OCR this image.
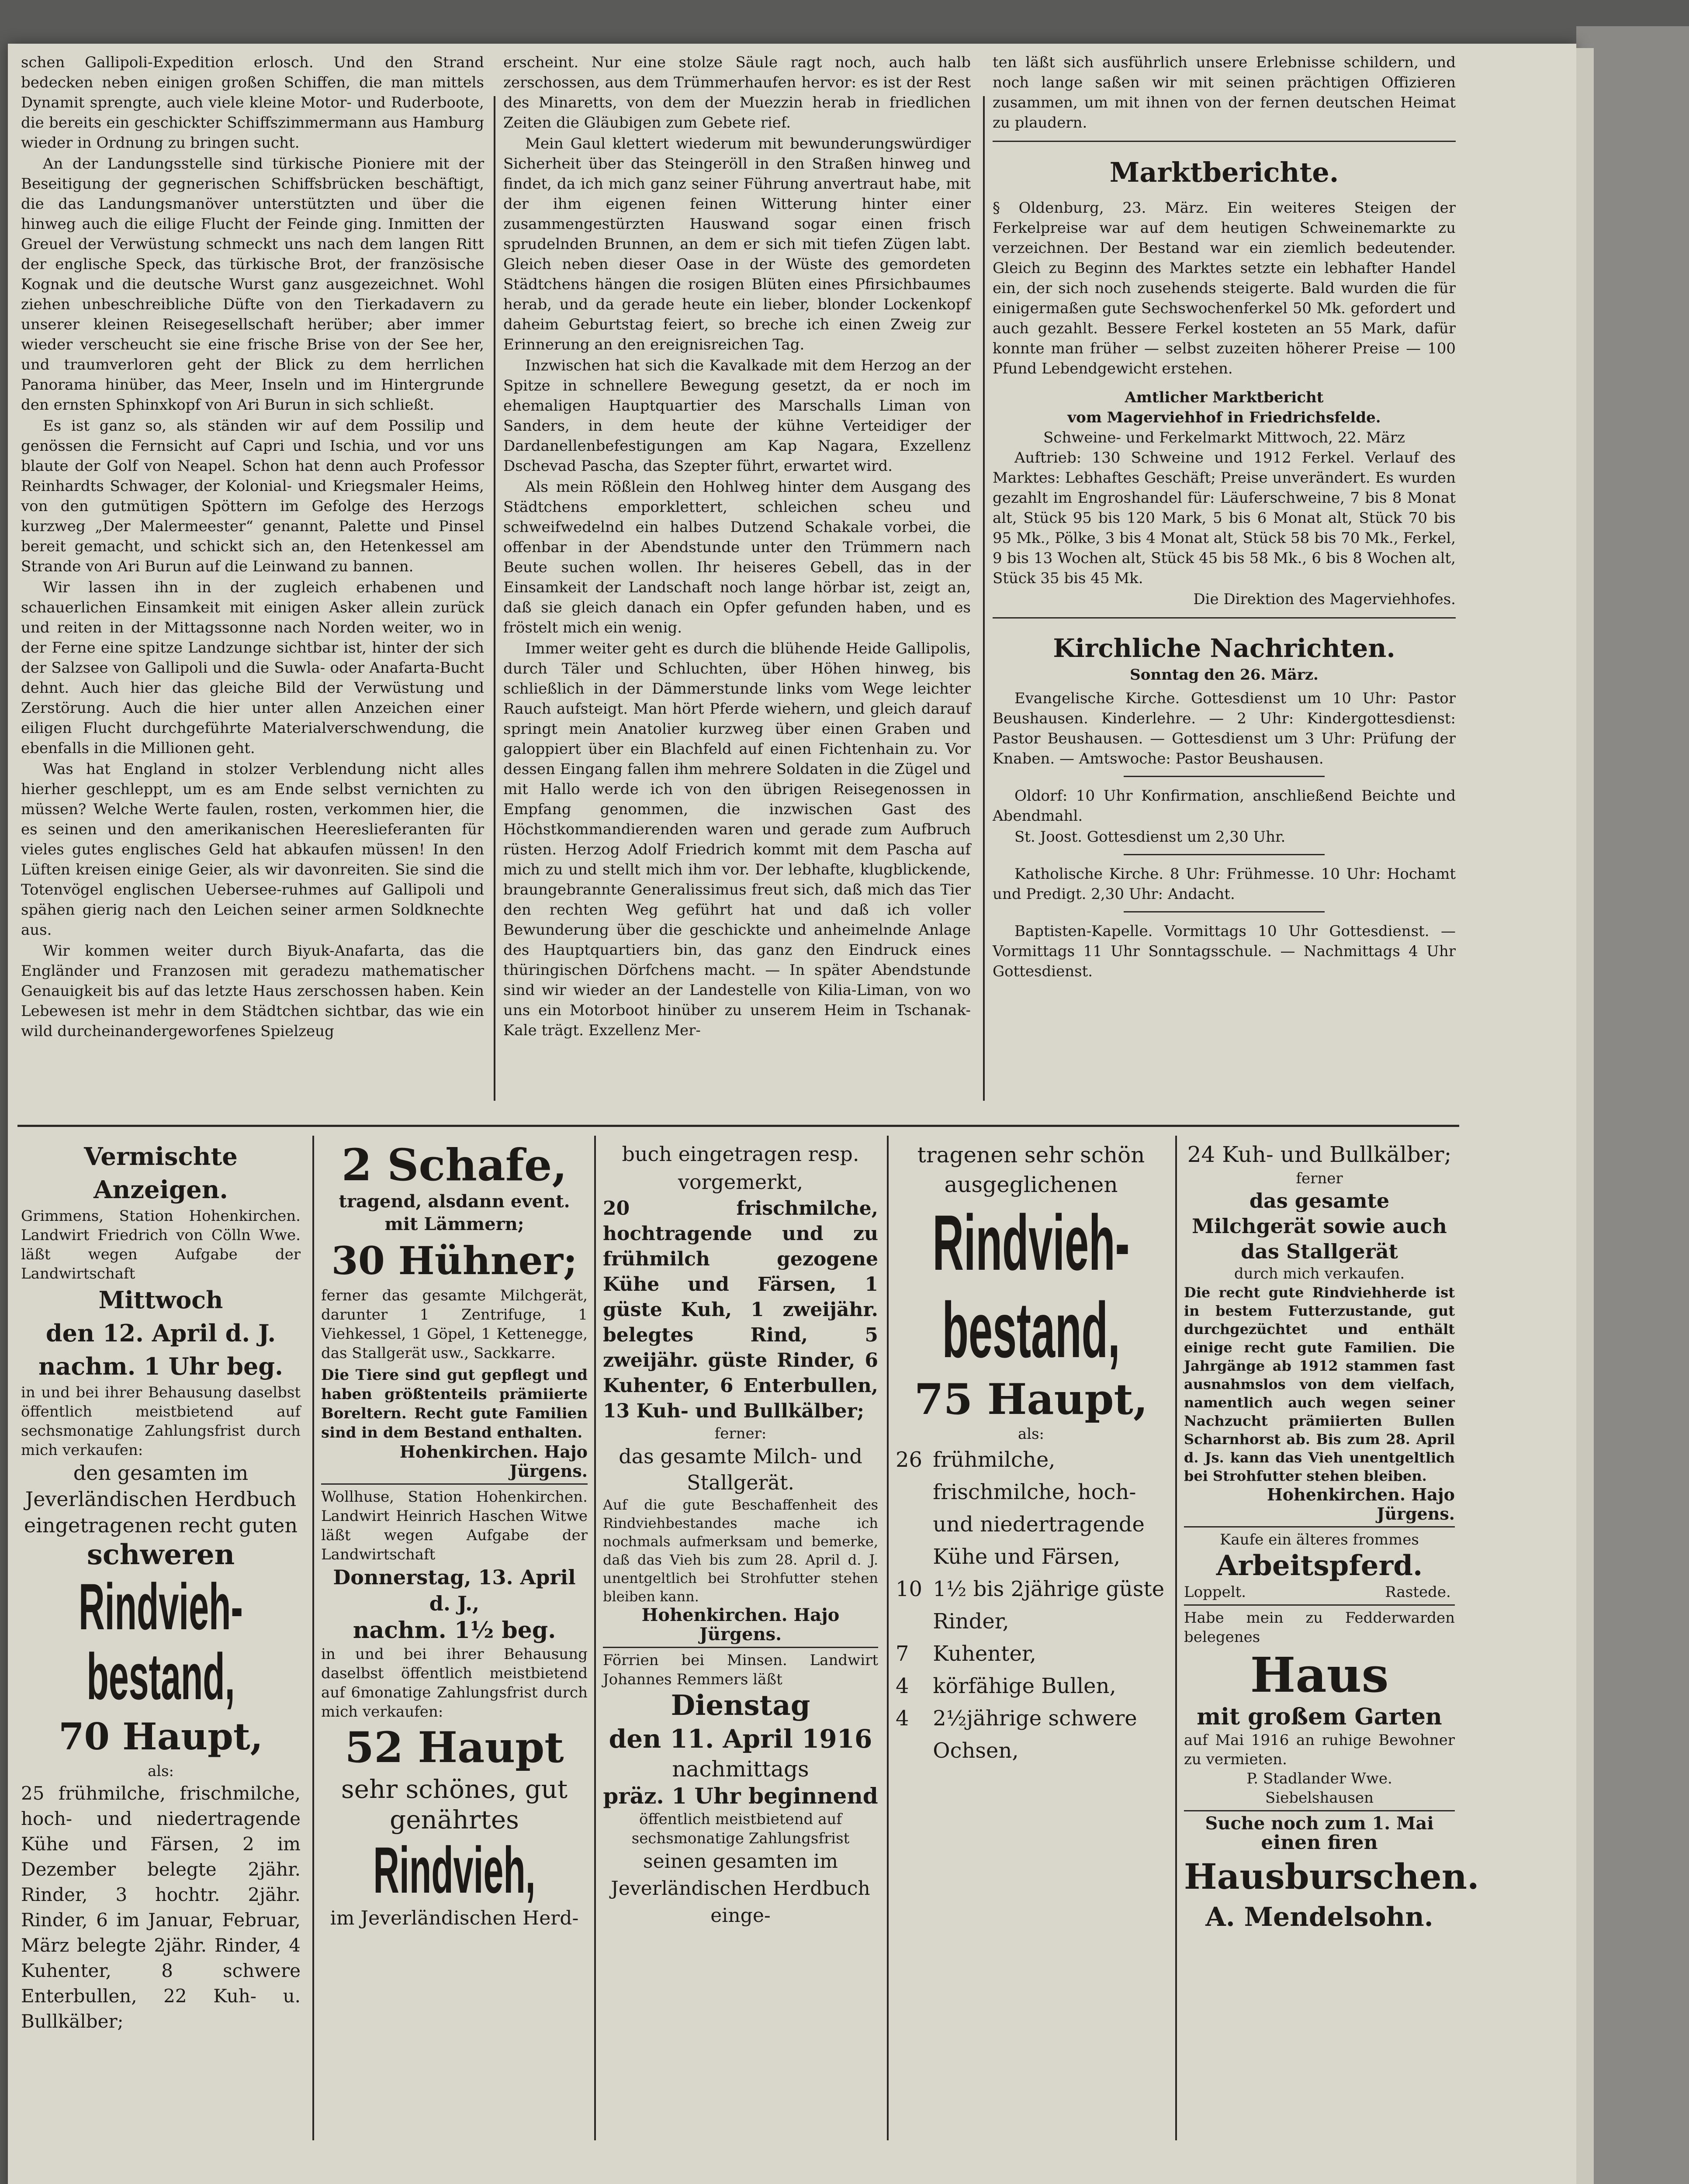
schen Gallipoli-Expedition erlosch. Und den Strand bedecken neben einigen großen Schiffen, die man mittels Dynamit sprengte, auch viele kleine Motor- und Ruderboote, die bereits ein geschickter Schiffszimmermann aus Hamburg wieder in Ordnung zu bringen sucht.

An der Landungsstelle sind türkische Pioniere mit der Beseitigung der gegnerischen Schiffsbrücken beschäftigt, die das Landungsmanöver unterstützten und über die hinweg auch die eilige Flucht der Feinde ging. Inmitten der Greuel der Verwüstung schmeckt uns nach dem langen Ritt der englische Speck, das türkische Brot, der französische Kognak und die deutsche Wurst ganz ausgezeichnet. Wohl ziehen unbeschreibliche Düfte von den Tierkadavern zu unserer kleinen Reisegesellschaft herüber; aber immer wieder verscheucht sie eine frische Brise von der See her, und traumverloren geht der Blick zu dem herrlichen Panorama hinüber, das Meer, Inseln und im Hintergrunde den ernsten Sphinxkopf von Ari Burun in sich schließt.

Es ist ganz so, als ständen wir auf dem Possilip und genössen die Fernsicht auf Capri und Ischia, und vor uns blaute der Golf von Neapel. Schon hat denn auch Professor Reinhardts Schwager, der Kolonial- und Kriegsmaler Heims, von den gutmütigen Spöttern im Gefolge des Herzogs kurzweg „Der Malermeester“ genannt, Palette und Pinsel bereit gemacht, und schickt sich an, den Hetenkessel am Strande von Ari Burun auf die Leinwand zu bannen.

Wir lassen ihn in der zugleich erhabenen und schauerlichen Einsamkeit mit einigen Asker allein zurück und reiten in der Mittagssonne nach Norden weiter, wo in der Ferne eine spitze Landzunge sichtbar ist, hinter der sich der Salzsee von Gallipoli und die Suwla- oder Anafarta-Bucht dehnt. Auch hier das gleiche Bild der Verwüstung und Zerstörung. Auch die hier unter allen Anzeichen einer eiligen Flucht durchgeführte Materialverschwendung, die ebenfalls in die Millionen geht.

Was hat England in stolzer Verblendung nicht alles hierher geschleppt, um es am Ende selbst vernichten zu müssen? Welche Werte faulen, rosten, verkommen hier, die es seinen und den amerikanischen Heereslieferanten für vieles gutes englisches Geld hat abkaufen müssen! In den Lüften kreisen einige Geier, als wir davonreiten. Sie sind die Totenvögel englischen Uebersee-ruhmes auf Gallipoli und spähen gierig nach den Leichen seiner armen Soldknechte aus.

Wir kommen weiter durch Biyuk-Anafarta, das die Engländer und Franzosen mit geradezu mathematischer Genauigkeit bis auf das letzte Haus zerschossen haben. Kein Lebewesen ist mehr in dem Städtchen sichtbar, das wie ein wild durcheinandergeworfenes Spielzeug

erscheint. Nur eine stolze Säule ragt noch, auch halb zerschossen, aus dem Trümmerhaufen hervor: es ist der Rest des Minaretts, von dem der Muezzin herab in friedlichen Zeiten die Gläubigen zum Gebete rief.

Mein Gaul klettert wiederum mit bewunderungswürdiger Sicherheit über das Steingeröll in den Straßen hinweg und findet, da ich mich ganz seiner Führung anvertraut habe, mit der ihm eigenen feinen Witterung hinter einer zusammengestürzten Hauswand sogar einen frisch sprudelnden Brunnen, an dem er sich mit tiefen Zügen labt. Gleich neben dieser Oase in der Wüste des gemordeten Städtchens hängen die rosigen Blüten eines Pfirsichbaumes herab, und da gerade heute ein lieber, blonder Lockenkopf daheim Geburtstag feiert, so breche ich einen Zweig zur Erinnerung an den ereignisreichen Tag.

Inzwischen hat sich die Kavalkade mit dem Herzog an der Spitze in schnellere Bewegung gesetzt, da er noch im ehemaligen Hauptquartier des Marschalls Liman von Sanders, in dem heute der kühne Verteidiger der Dardanellenbefestigungen am Kap Nagara, Exzellenz Dschevad Pascha, das Szepter führt, erwartet wird.

Als mein Rößlein den Hohlweg hinter dem Ausgang des Städtchens emporklettert, schleichen scheu und schweifwedelnd ein halbes Dutzend Schakale vorbei, die offenbar in der Abendstunde unter den Trümmern nach Beute suchen wollen. Ihr heiseres Gebell, das in der Einsamkeit der Landschaft noch lange hörbar ist, zeigt an, daß sie gleich danach ein Opfer gefunden haben, und es fröstelt mich ein wenig.

Immer weiter geht es durch die blühende Heide Gallipolis, durch Täler und Schluchten, über Höhen hinweg, bis schließlich in der Dämmerstunde links vom Wege leichter Rauch aufsteigt. Man hört Pferde wiehern, und gleich darauf springt mein Anatolier kurzweg über einen Graben und galoppiert über ein Blachfeld auf einen Fichtenhain zu. Vor dessen Eingang fallen ihm mehrere Soldaten in die Zügel und mit Hallo werde ich von den übrigen Reisegenossen in Empfang genommen, die inzwischen Gast des Höchstkommandierenden waren und gerade zum Aufbruch rüsten. Herzog Adolf Friedrich kommt mit dem Pascha auf mich zu und stellt mich ihm vor. Der lebhafte, klugblickende, braungebrannte Generalissimus freut sich, daß mich das Tier den rechten Weg geführt hat und daß ich voller Bewunderung über die geschickte und anheimelnde Anlage des Hauptquartiers bin, das ganz den Eindruck eines thüringischen Dörfchens macht. — In später Abendstunde sind wir wieder an der Landestelle von Kilia-Liman, von wo uns ein Motorboot hinüber zu unserem Heim in Tschanak-Kale trägt. Exzellenz Mer-

ten läßt sich ausführlich unsere Erlebnisse schildern, und noch lange saßen wir mit seinen prächtigen Offizieren zusammen, um mit ihnen von der fernen deutschen Heimat zu plaudern.

Marktberichte.

§ Oldenburg, 23. März. Ein weiteres Steigen der Ferkelpreise war auf dem heutigen Schweinemarkte zu verzeichnen. Der Bestand war ein ziemlich bedeutender. Gleich zu Beginn des Marktes setzte ein lebhafter Handel ein, der sich noch zusehends steigerte. Bald wurden die für einigermaßen gute Sechswochenferkel 50 Mk. gefordert und auch gezahlt. Bessere Ferkel kosteten an 55 Mark, dafür konnte man früher — selbst zuzeiten höherer Preise — 100 Pfund Lebendgewicht erstehen.

Amtlicher Marktbericht
vom Magerviehhof in Friedrichsfelde.
Schweine- und Ferkelmarkt Mittwoch, 22. März

Auftrieb: 130 Schweine und 1912 Ferkel. Verlauf des Marktes: Lebhaftes Geschäft; Preise unverändert. Es wurden gezahlt im Engroshandel für: Läuferschweine, 7 bis 8 Monat alt, Stück 95 bis 120 Mark, 5 bis 6 Monat alt, Stück 70 bis 95 Mk., Pölke, 3 bis 4 Monat alt, Stück 58 bis 70 Mk., Ferkel, 9 bis 13 Wochen alt, Stück 45 bis 58 Mk., 6 bis 8 Wochen alt, Stück 35 bis 45 Mk.

Die Direktion des Magerviehhofes.
Kirchliche Nachrichten.
Sonntag den 26. März.

Evangelische Kirche. Gottesdienst um 10 Uhr: Pastor Beushausen. Kinderlehre. — 2 Uhr: Kindergottesdienst: Pastor Beushausen. — Gottesdienst um 3 Uhr: Prüfung der Knaben. — Amtswoche: Pastor Beushausen.

Oldorf: 10 Uhr Konfirmation, anschließend Beichte und Abendmahl.

St. Joost. Gottesdienst um 2,30 Uhr.

Katholische Kirche. 8 Uhr: Frühmesse. 10 Uhr: Hochamt und Predigt. 2,30 Uhr: Andacht.

Baptisten-Kapelle. Vormittags 10 Uhr Gottesdienst. — Vormittags 11 Uhr Sonntagsschule. — Nachmittags 4 Uhr Gottesdienst.

Vermischte Anzeigen.
Grimmens, Station Hohenkirchen. Landwirt Friedrich von Cölln Wwe. läßt wegen Aufgabe der Landwirtschaft
Mittwoch
den 12. April d. J.
nachm. 1 Uhr beg.
in und bei ihrer Behausung daselbst öffentlich meistbietend auf sechsmonatige Zahlungsfrist durch mich verkaufen:
den gesamten im Jeverländischen Herdbuch eingetragenen recht guten
schweren
Rindvieh-
bestand,
70 Haupt,
als:
25 frühmilche, frischmilche, hoch- und niedertragende Kühe und Färsen, 2 im Dezember belegte 2jähr. Rinder, 3 hochtr. 2jähr. Rinder, 6 im Januar, Februar, März belegte 2jähr. Rinder, 4 Kuhenter, 8 schwere Enterbullen, 22 Kuh- u. Bullkälber;
2 Schafe,
tragend, alsdann event. mit Lämmern;
30 Hühner;
ferner das gesamte Milchgerät, darunter 1 Zentrifuge, 1 Viehkessel, 1 Göpel, 1 Kettenegge, das Stallgerät usw., Sackkarre.
Die Tiere sind gut gepflegt und haben größtenteils prämiierte Boreltern. Recht gute Familien sind in dem Bestand enthalten.
Hohenkirchen. Hajo Jürgens.
Wollhuse, Station Hohenkirchen. Landwirt Heinrich Haschen Witwe läßt wegen Aufgabe der Landwirtschaft
Donnerstag, 13. April d. J.,
nachm. 1½ beg.
in und bei ihrer Behausung daselbst öffentlich meistbietend auf 6monatige Zahlungsfrist durch mich verkaufen:
52 Haupt
sehr schönes, gut genährtes
Rindvieh,
im Jeverländischen Herd-
buch eingetragen resp. vorgemerkt,
20 frischmilche, hochtragende und zu frühmilch gezogene Kühe und Färsen, 1 güste Kuh, 1 zweijähr. belegtes Rind, 5 zweijähr. güste Rinder, 6 Kuhenter, 6 Enterbullen, 13 Kuh- und Bullkälber;
ferner:
das gesamte Milch- und Stallgerät.
Auf die gute Beschaffenheit des Rindviehbestandes mache ich nochmals aufmerksam und bemerke, daß das Vieh bis zum 28. April d. J. unentgeltlich bei Strohfutter stehen bleiben kann.
Hohenkirchen. Hajo Jürgens.
Förrien bei Minsen. Landwirt Johannes Remmers läßt
Dienstag
den 11. April 1916
nachmittags
präz. 1 Uhr beginnend
öffentlich meistbietend auf sechsmonatige Zahlungsfrist
seinen gesamten im Jeverländischen Herdbuch einge-
tragenen sehr schön ausgeglichenen
Rindvieh-
bestand,
75 Haupt,
als:
26 frühmilche, frischmilche, hoch- und niedertragende Kühe und Färsen,
10 1½ bis 2jährige güste Rinder,
7 Kuhenter,
4 körfähige Bullen,
4 2½jährige schwere Ochsen,
24 Kuh- und Bullkälber;
ferner
das gesamte Milchgerät sowie auch das Stallgerät
durch mich verkaufen.
Die recht gute Rindviehherde ist in bestem Futterzustande, gut durchgezüchtet und enthält einige recht gute Familien. Die Jahrgänge ab 1912 stammen fast ausnahmslos von dem vielfach, namentlich auch wegen seiner Nachzucht prämiierten Bullen Scharnhorst ab. Bis zum 28. April d. Js. kann das Vieh unentgeltlich bei Strohfutter stehen bleiben.
Hohenkirchen. Hajo Jürgens.
Kaufe ein älteres frommes
Arbeitspferd.
Loppelt.	Rastede.
Habe mein zu Fedderwarden belegenes
Haus
mit großem Garten
auf Mai 1916 an ruhige Bewohner zu vermieten.
P. Stadlander Wwe.
Siebelshausen
Suche noch zum 1. Mai
einen firen
Hausburschen.
A. Mendelsohn.
